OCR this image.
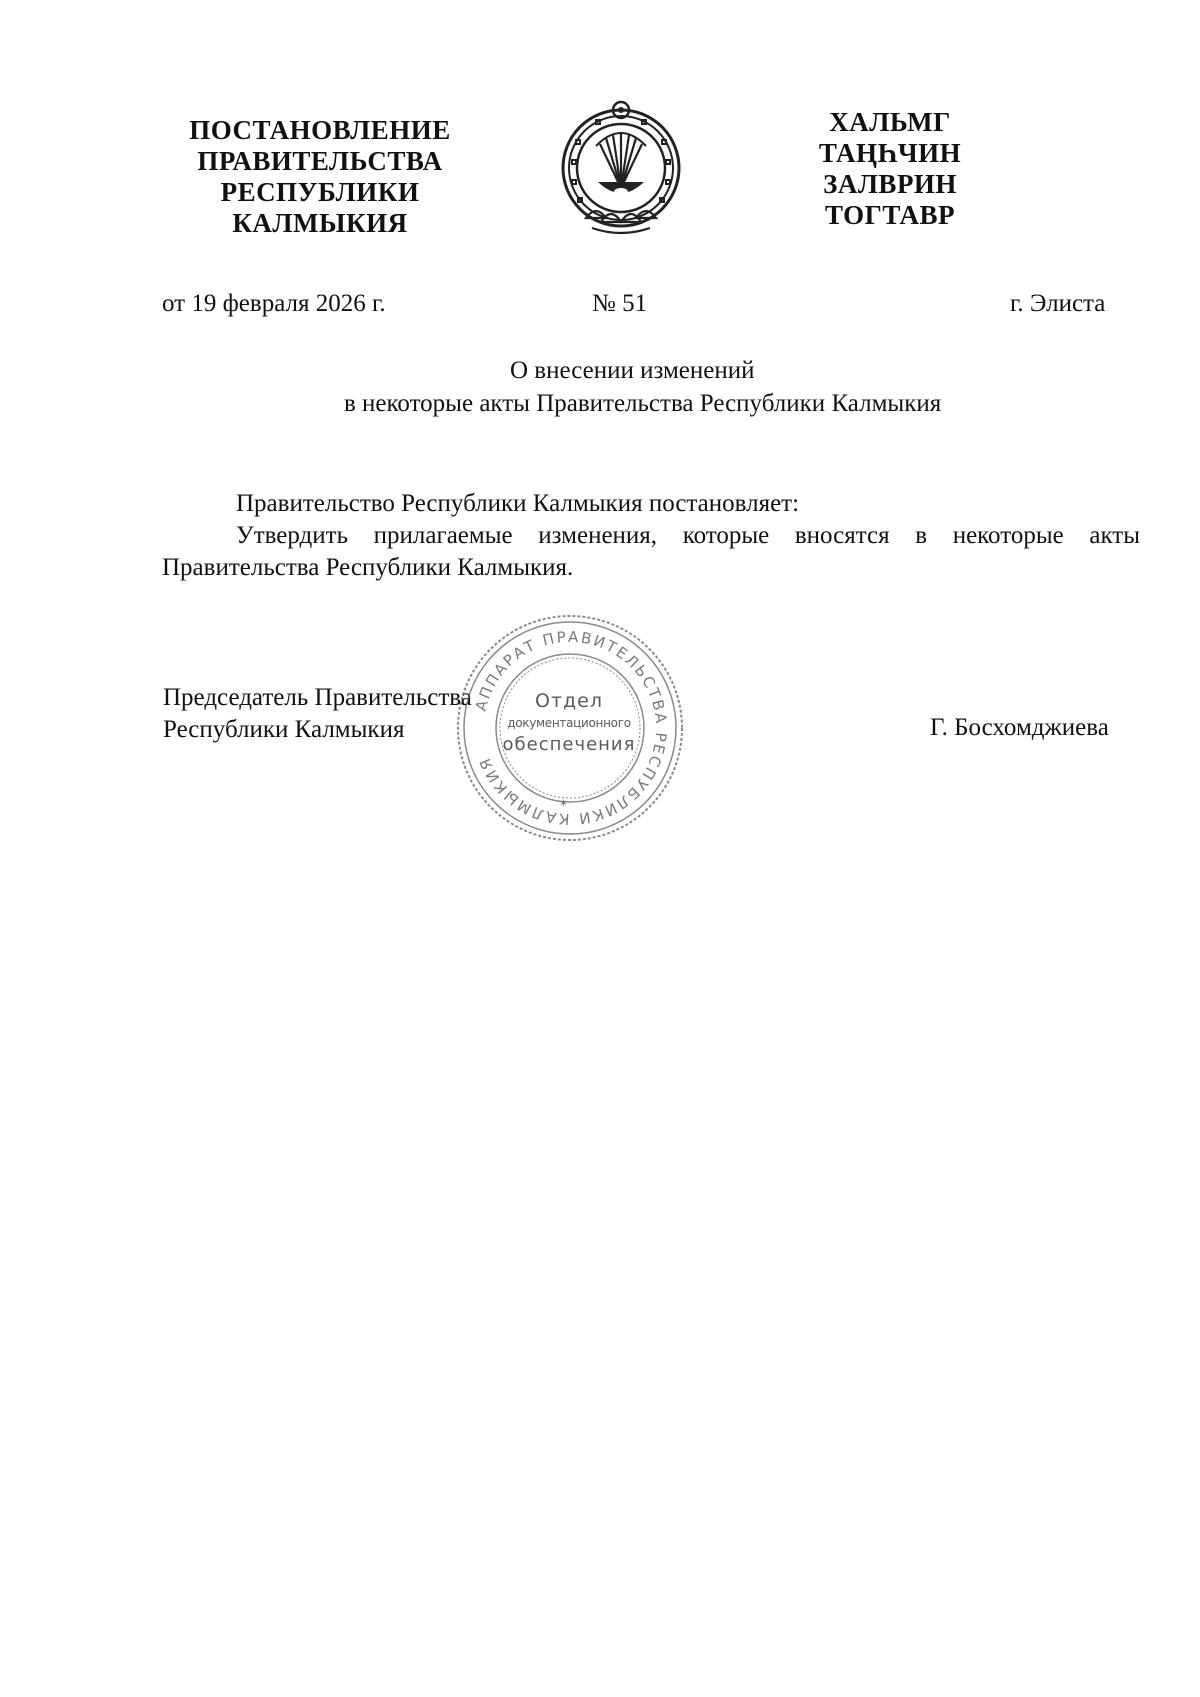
ПОСТАНОВЛЕНИЕ
ПРАВИТЕЛЬСТВА
РЕСПУБЛИКИ
КАЛМЫКИЯ
ХАЛЬМГ
ТАҢҺЧИН
ЗАЛВРИН
ТОГТАВР
от 19 февраля 2026 г.	№ 51	г. Элиста
О внесении изменений
в некоторые акты Правительства Республики Калмыкия
Правительство Республики Калмыкия постановляет:
Утвердить прилагаемые изменения, которые вносятся в некоторые акты Правительства Республики Калмыкия.
Председатель Правительства
Республики Калмыкия	Г. Босхомджиева
АППАРАТ ПРАВИТЕЛЬСТВА РЕСПУБЛИКИ КАЛМЫКИЯ
Отдел
документационного
обеспечения
*
